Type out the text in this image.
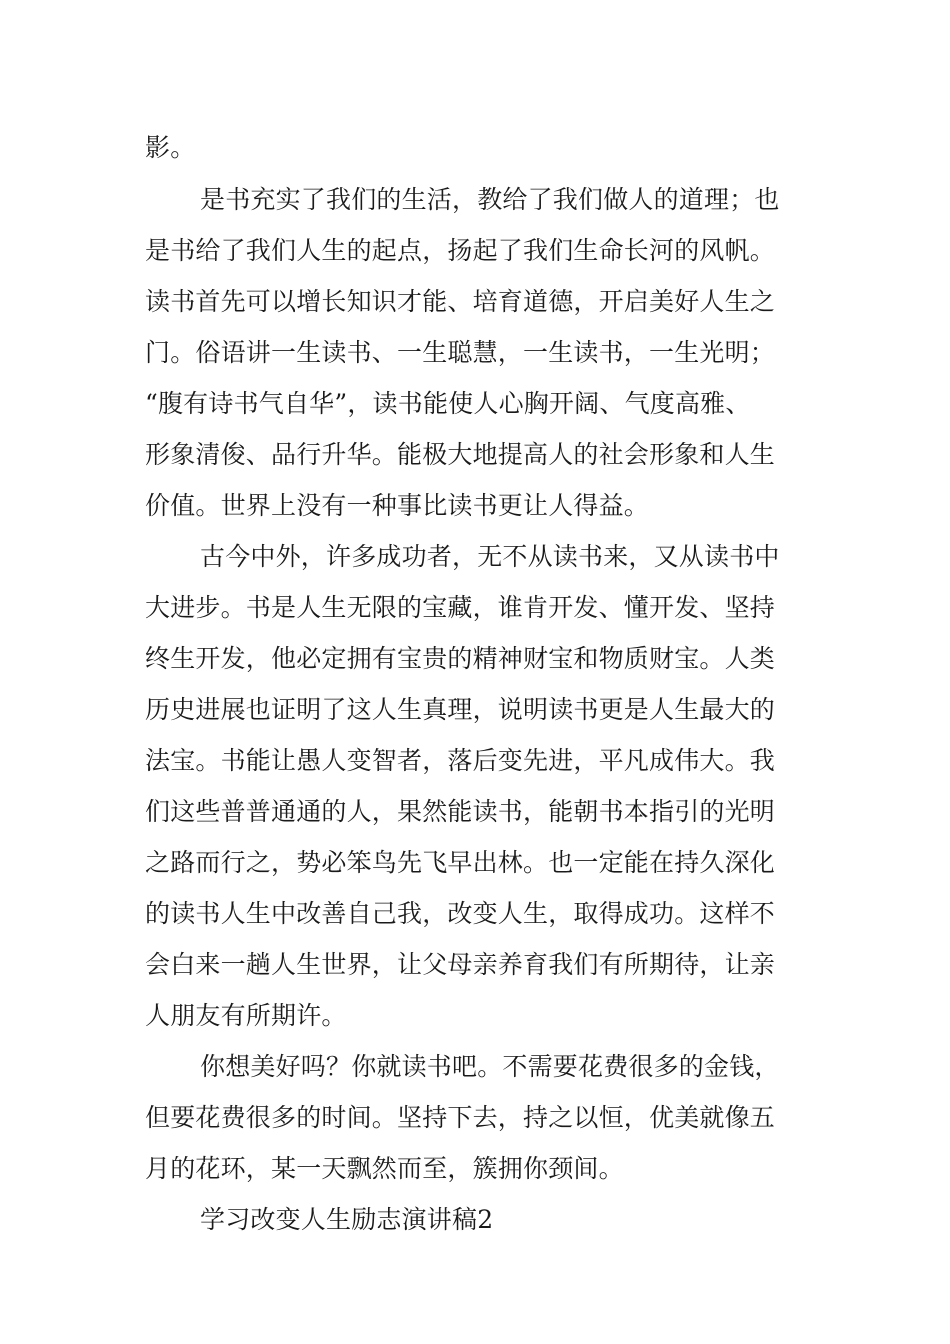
影。
是书充实了我们的生活，教给了我们做人的道理；也
是书给了我们人生的起点，扬起了我们生命长河的风帆。
读书首先可以增长知识才能、培育道德，开启美好人生之
门。俗语讲一生读书、一生聪慧，一生读书，一生光明；
“腹有诗书气自华”，读书能使人心胸开阔、气度高雅、
形象清俊、品行升华。能极大地提高人的社会形象和人生
价值。世界上没有一种事比读书更让人得益。
古今中外，许多成功者，无不从读书来，又从读书中
大进步。书是人生无限的宝藏，谁肯开发、懂开发、坚持
终生开发，他必定拥有宝贵的精神财宝和物质财宝。人类
历史进展也证明了这人生真理，说明读书更是人生最大的
法宝。书能让愚人变智者，落后变先进，平凡成伟大。我
们这些普普通通的人，果然能读书，能朝书本指引的光明
之路而行之，势必笨鸟先飞早出林。也一定能在持久深化
的读书人生中改善自己我，改变人生，取得成功。这样不
会白来一趟人生世界，让父母亲养育我们有所期待，让亲
人朋友有所期许。
你想美好吗？你就读书吧。不需要花费很多的金钱，
但要花费很多的时间。坚持下去，持之以恒，优美就像五
月的花环，某一天飘然而至，簇拥你颈间。
学习改变人生励志演讲稿2
